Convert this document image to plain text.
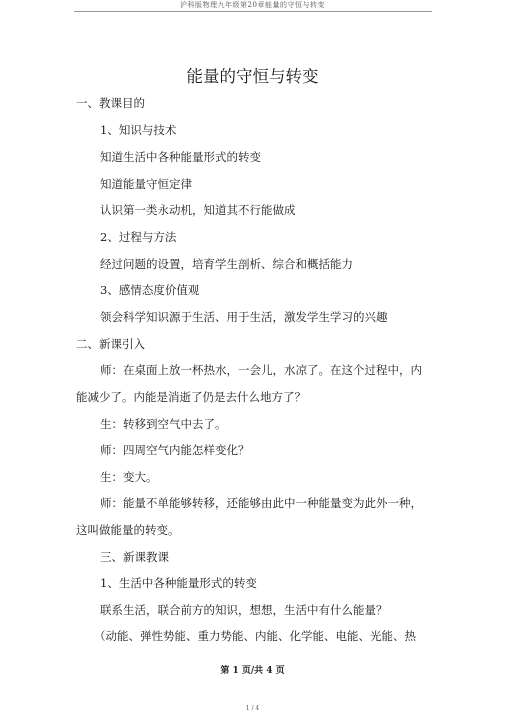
沪科版物理九年级第20章能量的守恒与转变
能量的守恒与转变
一、教课目的
1、知识与技术
知道生活中各种能量形式的转变
知道能量守恒定律
认识第一类永动机，知道其不行能做成
2、过程与方法
经过问题的设置，培育学生剖析、综合和概括能力
3、感情态度价值观
领会科学知识源于生活、用于生活，激发学生学习的兴趣
二、新课引入
师：在桌面上放一杯热水，一会儿，水凉了。在这个过程中，内
能减少了。内能是消逝了仍是去什么地方了？
生：转移到空气中去了。
师：四周空气内能怎样变化？
生：变大。
师：能量不单能够转移，还能够由此中一种能量变为此外一种，
这叫做能量的转变。
三、新课教课
1、生活中各种能量形式的转变
联系生活，联合前方的知识，想想，生活中有什么能量？
（动能、弹性势能、重力势能、内能、化学能、电能、光能、热
第 1 页/共 4 页
1 / 4
